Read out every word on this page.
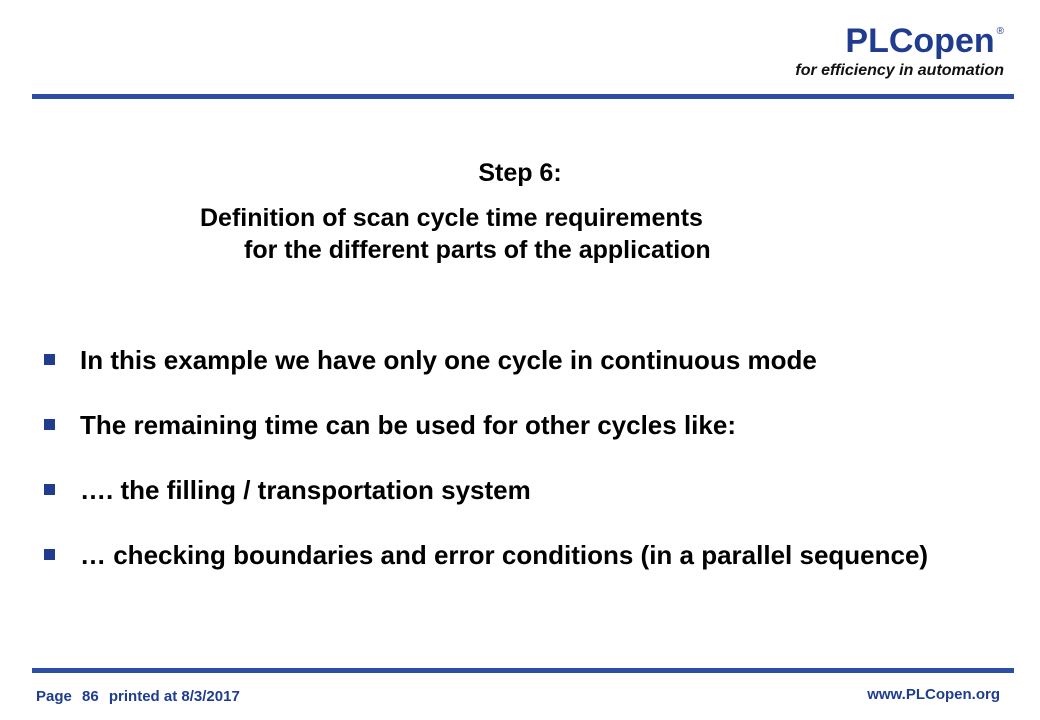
PLCopen ®
for efficiency in automation
Step 6:
Definition of scan cycle time requirements
for the different parts of the application
In this example we have only one cycle in continuous mode
The remaining time can be used for other cycles like:
…. the filling / transportation system
… checking boundaries and error conditions (in a parallel sequence)
Page 86 printed at 8/3/2017	www.PLCopen.org
